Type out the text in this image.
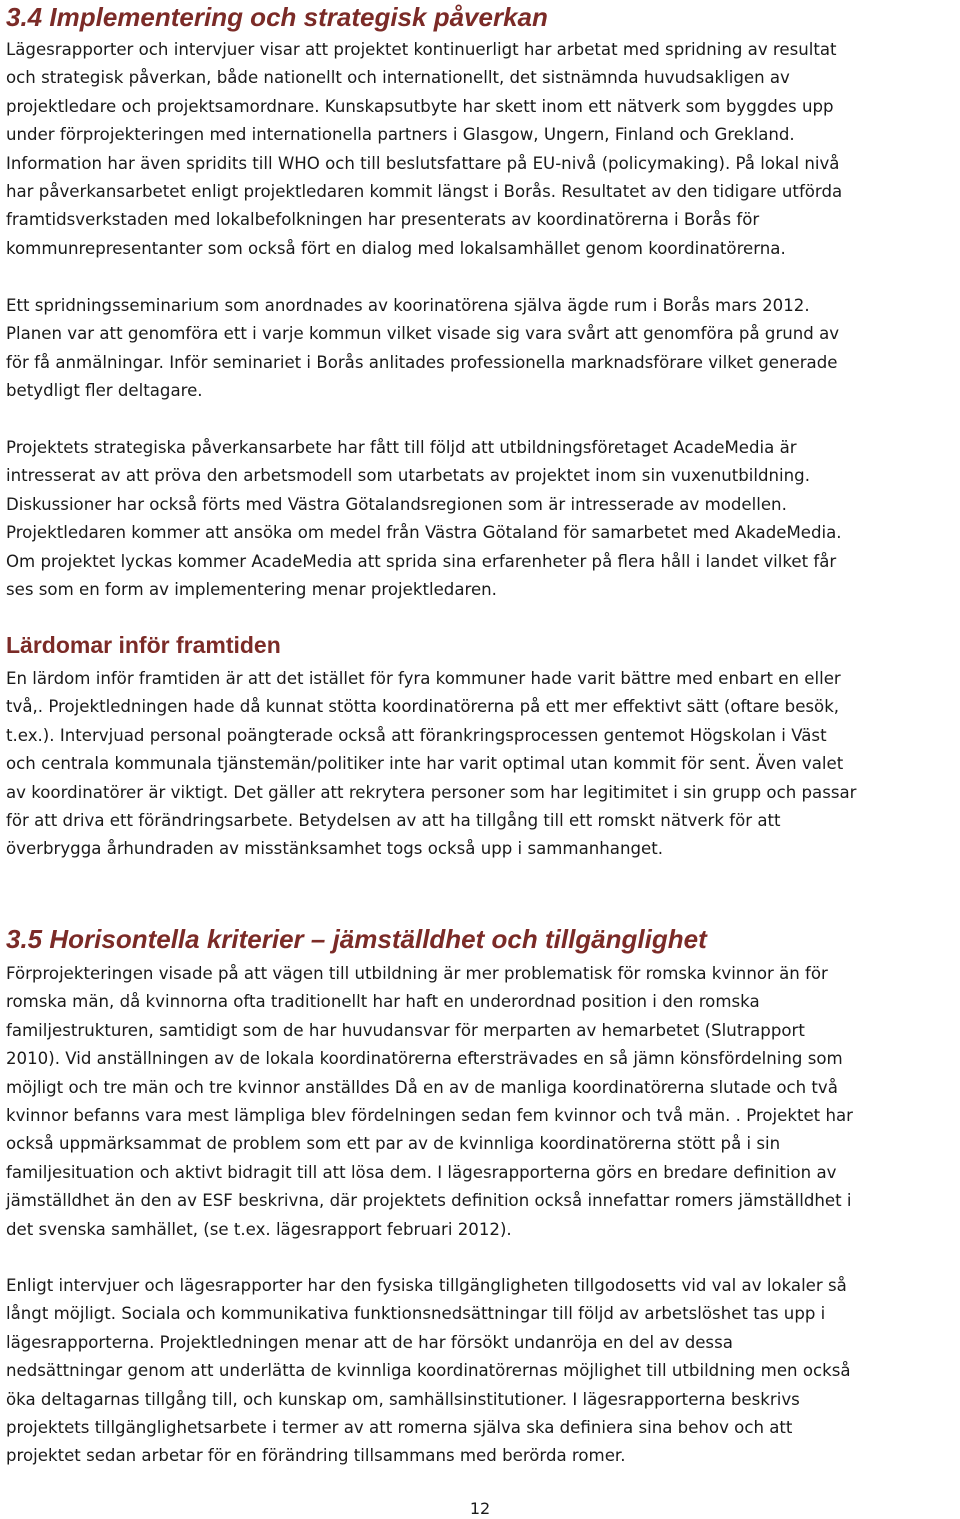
3.4 Implementering och strategisk påverkan
Lägesrapporter och intervjuer visar att projektet kontinuerligt har arbetat med spridning av resultat
och strategisk påverkan, både nationellt och internationellt, det sistnämnda huvudsakligen av
projektledare och projektsamordnare. Kunskapsutbyte har skett inom ett nätverk som byggdes upp
under förprojekteringen med internationella partners i Glasgow, Ungern, Finland och Grekland.
Information har även spridits till WHO och till beslutsfattare på EU-nivå (policymaking). På lokal nivå
har påverkansarbetet enligt projektledaren kommit längst i Borås. Resultatet av den tidigare utförda
framtidsverkstaden med lokalbefolkningen har presenterats av koordinatörerna i Borås för
kommunrepresentanter som också fört en dialog med lokalsamhället genom koordinatörerna.
Ett spridningsseminarium som anordnades av koorinatörena själva ägde rum i Borås mars 2012.
Planen var att genomföra ett i varje kommun vilket visade sig vara svårt att genomföra på grund av
för få anmälningar. Inför seminariet i Borås anlitades professionella marknadsförare vilket generade
betydligt fler deltagare.
Projektets strategiska påverkansarbete har fått till följd att utbildningsföretaget AcadeMedia är
intresserat av att pröva den arbetsmodell som utarbetats av projektet inom sin vuxenutbildning.
Diskussioner har också förts med Västra Götalandsregionen som är intresserade av modellen.
Projektledaren kommer att ansöka om medel från Västra Götaland för samarbetet med AkadeMedia.
Om projektet lyckas kommer AcadeMedia att sprida sina erfarenheter på flera håll i landet vilket får
ses som en form av implementering menar projektledaren.
Lärdomar inför framtiden
En lärdom inför framtiden är att det istället för fyra kommuner hade varit bättre med enbart en eller
två,. Projektledningen hade då kunnat stötta koordinatörerna på ett mer effektivt sätt (oftare besök,
t.ex.). Intervjuad personal poängterade också att förankringsprocessen gentemot Högskolan i Väst
och centrala kommunala tjänstemän/politiker inte har varit optimal utan kommit för sent. Även valet
av koordinatörer är viktigt. Det gäller att rekrytera personer som har legitimitet i sin grupp och passar
för att driva ett förändringsarbete. Betydelsen av att ha tillgång till ett romskt nätverk för att
överbrygga århundraden av misstänksamhet togs också upp i sammanhanget.
3.5 Horisontella kriterier – jämställdhet och tillgänglighet
Förprojekteringen visade på att vägen till utbildning är mer problematisk för romska kvinnor än för
romska män, då kvinnorna ofta traditionellt har haft en underordnad position i den romska
familjestrukturen, samtidigt som de har huvudansvar för merparten av hemarbetet (Slutrapport
2010). Vid anställningen av de lokala koordinatörerna eftersträvades en så jämn könsfördelning som
möjligt och tre män och tre kvinnor anställdes Då en av de manliga koordinatörerna slutade och två
kvinnor befanns vara mest lämpliga blev fördelningen sedan fem kvinnor och två män. . Projektet har
också uppmärksammat de problem som ett par av de kvinnliga koordinatörerna stött på i sin
familjesituation och aktivt bidragit till att lösa dem. I lägesrapporterna görs en bredare definition av
jämställdhet än den av ESF beskrivna, där projektets definition också innefattar romers jämställdhet i
det svenska samhället, (se t.ex. lägesrapport februari 2012).
Enligt intervjuer och lägesrapporter har den fysiska tillgängligheten tillgodosetts vid val av lokaler så
långt möjligt. Sociala och kommunikativa funktionsnedsättningar till följd av arbetslöshet tas upp i
lägesrapporterna. Projektledningen menar att de har försökt undanröja en del av dessa
nedsättningar genom att underlätta de kvinnliga koordinatörernas möjlighet till utbildning men också
öka deltagarnas tillgång till, och kunskap om, samhällsinstitutioner. I lägesrapporterna beskrivs
projektets tillgänglighetsarbete i termer av att romerna själva ska definiera sina behov och att
projektet sedan arbetar för en förändring tillsammans med berörda romer.
12
